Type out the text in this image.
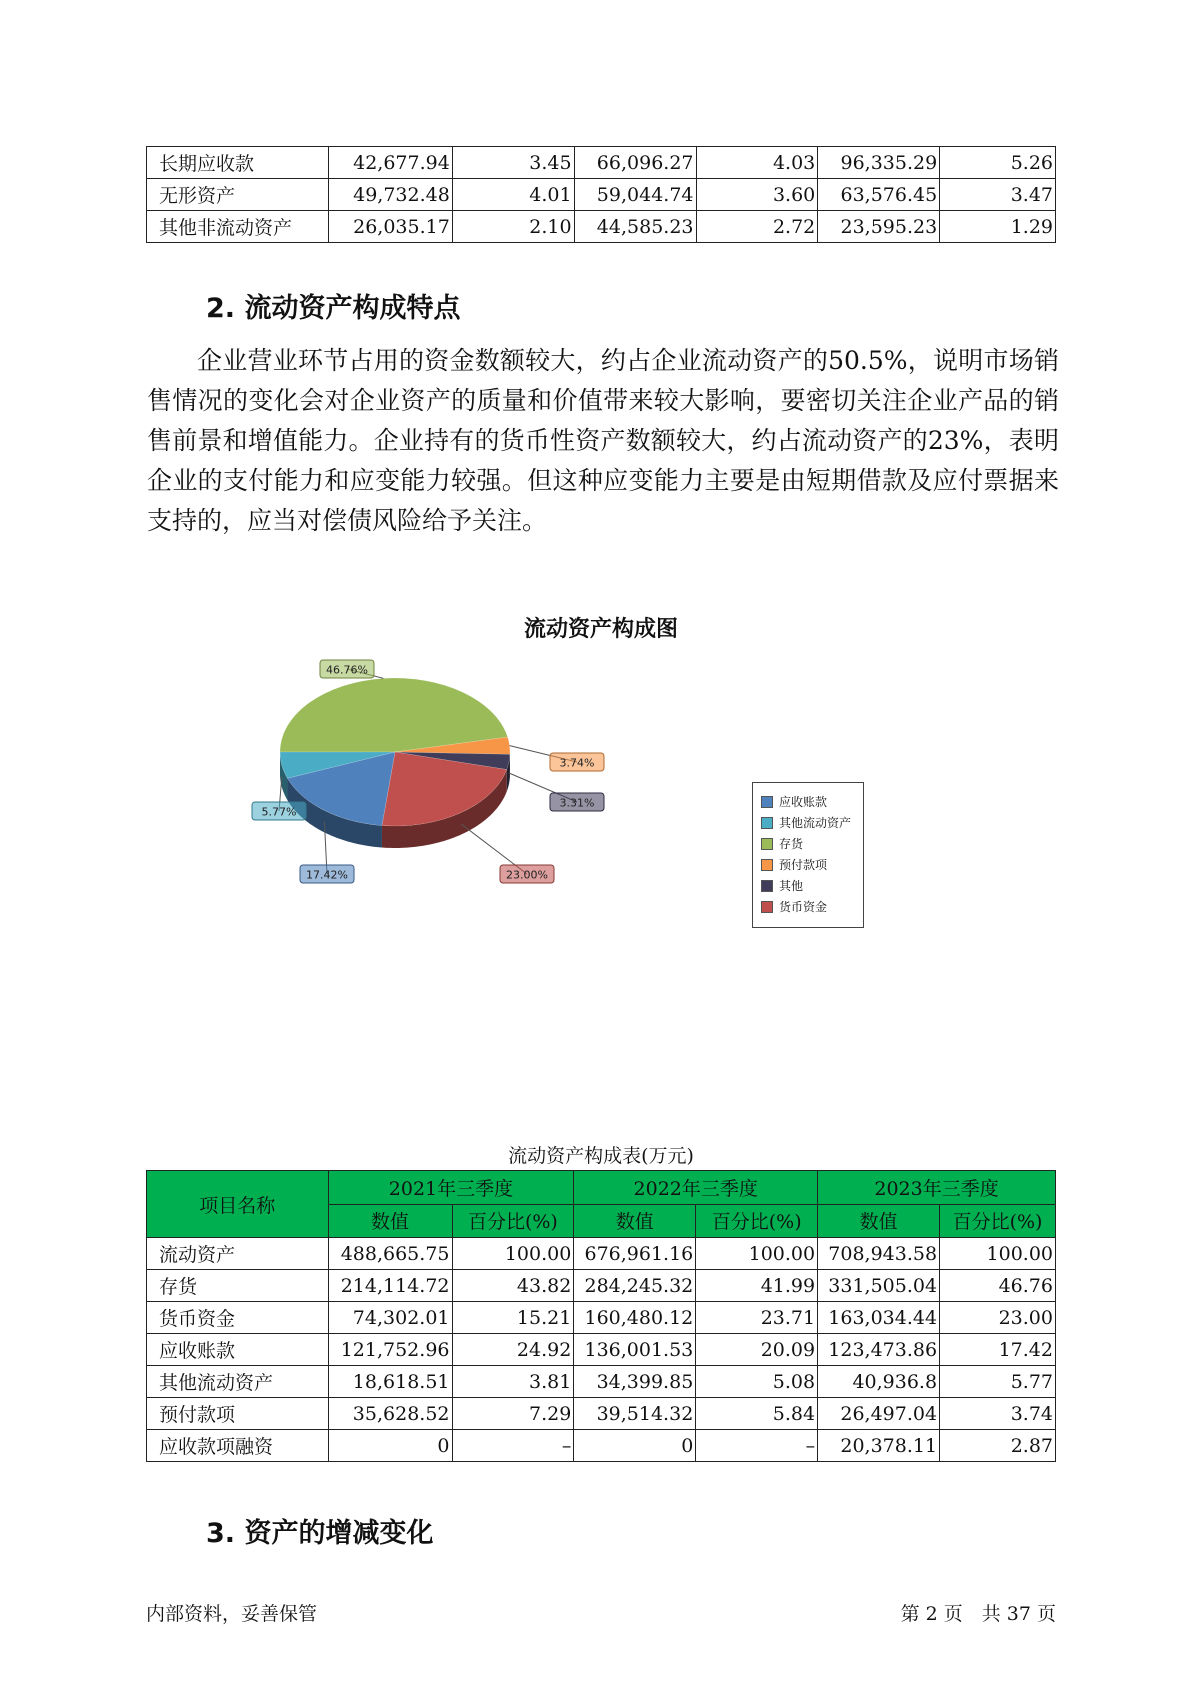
长期应收款	42,677.94	3.45	66,096.27	4.03	96,335.29	5.26
无形资产	49,732.48	4.01	59,044.74	3.60	63,576.45	3.47
其他非流动资产	26,035.17	2.10	44,585.23	2.72	23,595.23	1.29
2. 流动资产构成特点
企业营业环节占用的资金数额较大，约占企业流动资产的50.5%，说明市场销售情况的变化会对企业资产的质量和价值带来较大影响，要密切关注企业产品的销售前景和增值能力。企业持有的货币性资产数额较大，约占流动资产的23%，表明企业的支付能力和应变能力较强。但这种应变能力主要是由短期借款及应付票据来支持的，应当对偿债风险给予关注。
流动资产构成图
46.76%
3.74%
3.31%
23.00%
17.42%
5.77%
应收账款
其他流动资产
存货
预付款项
其他
货币资金
流动资产构成表(万元)
项目名称	2021年三季度		2022年三季度		2023年三季度	
	数值	百分比(%)	数值	百分比(%)	数值	百分比(%)
流动资产	488,665.75	100.00	676,961.16	100.00	708,943.58	100.00
存货	214,114.72	43.82	284,245.32	41.99	331,505.04	46.76
货币资金	74,302.01	15.21	160,480.12	23.71	163,034.44	23.00
应收账款	121,752.96	24.92	136,001.53	20.09	123,473.86	17.42
其他流动资产	18,618.51	3.81	34,399.85	5.08	40,936.8	5.77
预付款项	35,628.52	7.29	39,514.32	5.84	26,497.04	3.74
应收款项融资	0	–	0	–	20,378.11	2.87
3. 资产的增减变化
内部资料，妥善保管	第 2 页　共 37 页
